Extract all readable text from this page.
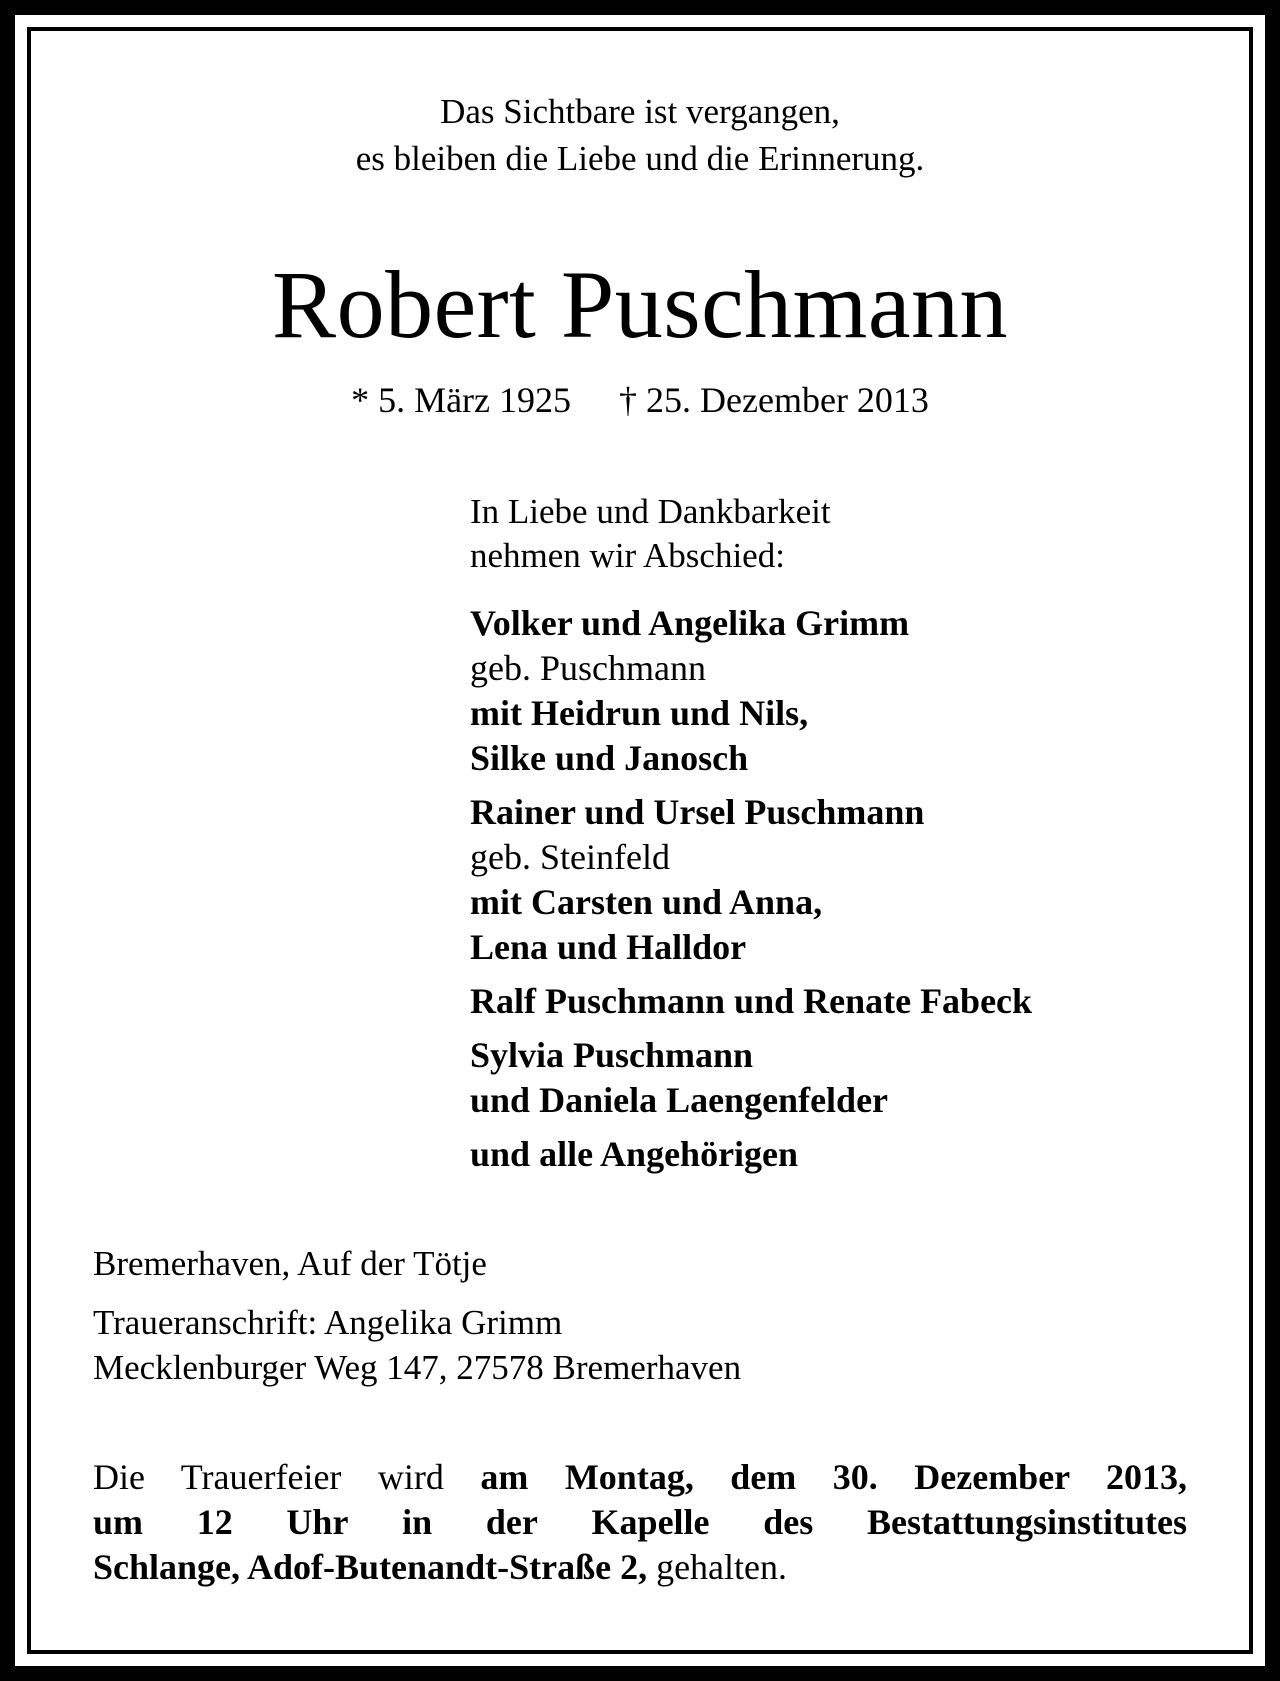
Das Sichtbare ist vergangen,
es bleiben die Liebe und die Erinnerung.
Robert Puschmann
* 5. März 1925 † 25. Dezember 2013
In Liebe und Dankbarkeit
nehmen wir Abschied:
Volker und Angelika Grimm
geb. Puschmann
mit Heidrun und Nils,
Silke und Janosch
Rainer und Ursel Puschmann
geb. Steinfeld
mit Carsten und Anna,
Lena und Halldor
Ralf Puschmann und Renate Fabeck
Sylvia Puschmann
und Daniela Laengenfelder
und alle Angehörigen
Bremerhaven, Auf der Tötje
Traueranschrift: Angelika Grimm
Mecklenburger Weg 147, 27578 Bremerhaven
Die Trauerfeier wird am Montag, dem 30. Dezember 2013,
um 12 Uhr in der Kapelle des Bestattungsinstitutes
Schlange, Adof-Butenandt-Straße 2, gehalten.
